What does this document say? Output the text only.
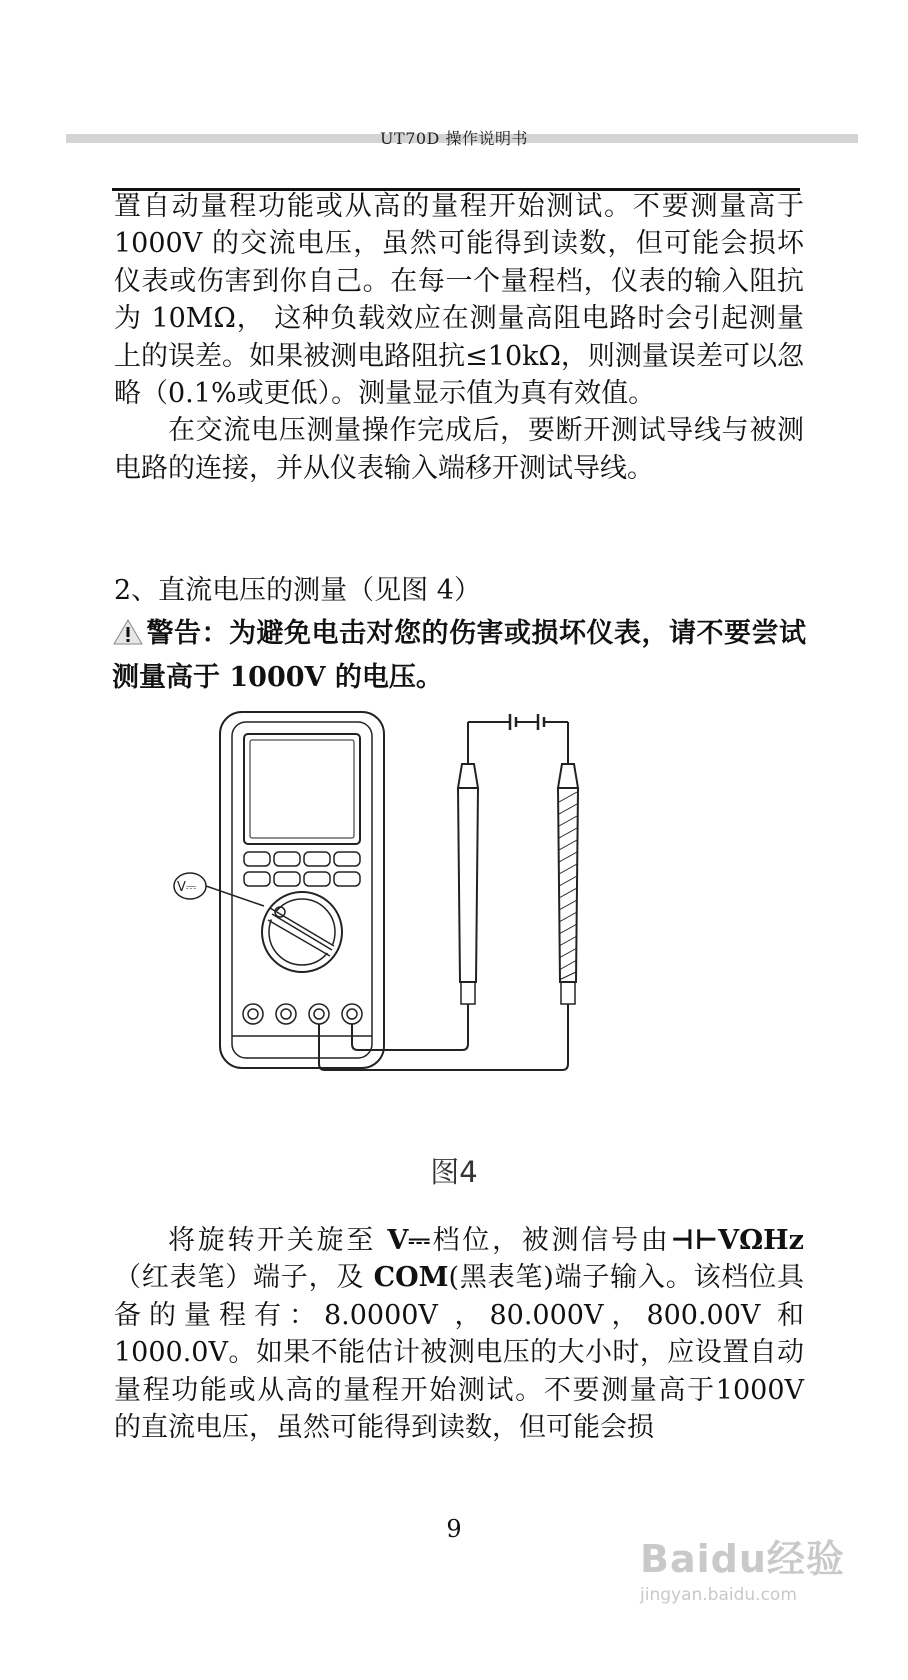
UT70D 操作说明书

置自动量程功能或从高的量程开始测试。不要测量高于 1000V 的交流电压，虽然可能得到读数，但可能会损坏仪表或伤害到你自己。在每一个量程档，仪表的输入阻抗为 10MΩ， 这种负载效应在测量高阻电路时会引起测量上的误差。如果被测电路阻抗≤10kΩ，则测量误差可以忽略（0.1%或更低）。测量显示值为真有效值。

在交流电压测量操作完成后，要断开测试导线与被测电路的连接，并从仪表输入端移开测试导线。

2、直流电压的测量（见图 4）
警告：为避免电击对您的伤害或损坏仪表，请不要尝试测量高于 1000V 的电压。
V⎓
图4

将旋转开关旋至 V⎓档位，被测信号由⊣⊢VΩHz（红表笔）端子，及 COM(黑表笔)端子输入。该档位具备的量程有：8.0000V ，80.000V，800.00V 和1000.0V。如果不能估计被测电压的大小时，应设置自动量程功能或从高的量程开始测试。不要测量高于1000V 的直流电压，虽然可能得到读数，但可能会损

9
Baidu经验
jingyan.baidu.com
